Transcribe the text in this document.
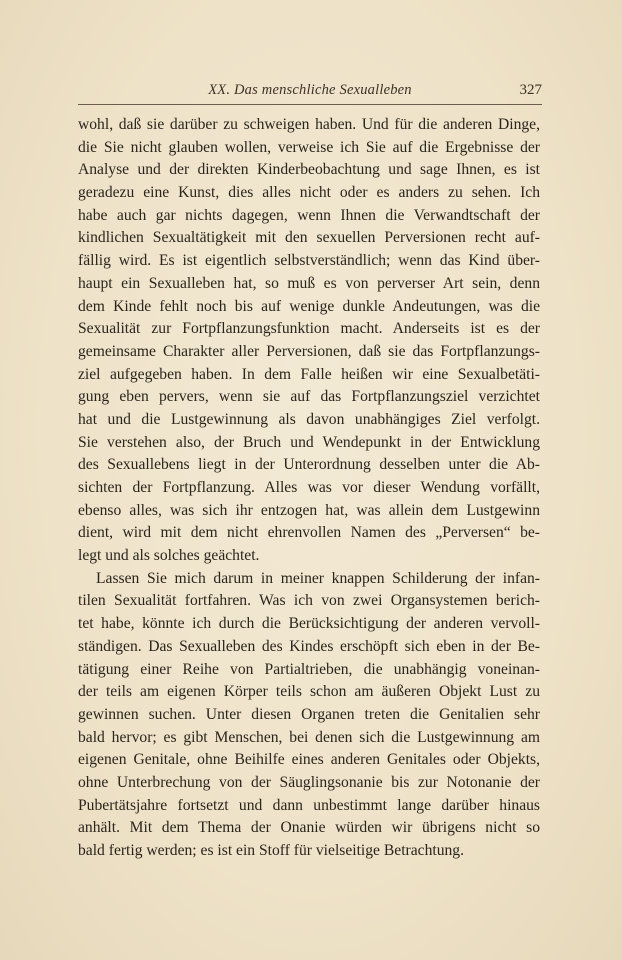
XX. Das menschliche Sexualleben	327
wohl, daß sie darüber zu schweigen haben. Und für die anderen Dinge,
die Sie nicht glauben wollen, verweise ich Sie auf die Ergebnisse der
Analyse und der direkten Kinderbeobachtung und sage Ihnen, es ist
geradezu eine Kunst, dies alles nicht oder es anders zu sehen. Ich
habe auch gar nichts dagegen, wenn Ihnen die Verwandtschaft der
kindlichen Sexualtätigkeit mit den sexuellen Perversionen recht auf-
fällig wird. Es ist eigentlich selbstverständlich; wenn das Kind über-
haupt ein Sexualleben hat, so muß es von perverser Art sein, denn
dem Kinde fehlt noch bis auf wenige dunkle Andeutungen, was die
Sexualität zur Fortpflanzungsfunktion macht. Anderseits ist es der
gemeinsame Charakter aller Perversionen, daß sie das Fortpflanzungs-
ziel aufgegeben haben. In dem Falle heißen wir eine Sexualbetäti-
gung eben pervers, wenn sie auf das Fortpflanzungsziel verzichtet
hat und die Lustgewinnung als davon unabhängiges Ziel verfolgt.
Sie verstehen also, der Bruch und Wendepunkt in der Entwicklung
des Sexuallebens liegt in der Unterordnung desselben unter die Ab-
sichten der Fortpflanzung. Alles was vor dieser Wendung vorfällt,
ebenso alles, was sich ihr entzogen hat, was allein dem Lustgewinn
dient, wird mit dem nicht ehrenvollen Namen des „Perversen“ be-
legt und als solches geächtet.
Lassen Sie mich darum in meiner knappen Schilderung der infan-
tilen Sexualität fortfahren. Was ich von zwei Organsystemen berich-
tet habe, könnte ich durch die Berücksichtigung der anderen vervoll-
ständigen. Das Sexualleben des Kindes erschöpft sich eben in der Be-
tätigung einer Reihe von Partialtrieben, die unabhängig voneinan-
der teils am eigenen Körper teils schon am äußeren Objekt Lust zu
gewinnen suchen. Unter diesen Organen treten die Genitalien sehr
bald hervor; es gibt Menschen, bei denen sich die Lustgewinnung am
eigenen Genitale, ohne Beihilfe eines anderen Genitales oder Objekts,
ohne Unterbrechung von der Säuglingsonanie bis zur Notonanie der
Pubertätsjahre fortsetzt und dann unbestimmt lange darüber hinaus
anhält. Mit dem Thema der Onanie würden wir übrigens nicht so
bald fertig werden; es ist ein Stoff für vielseitige Betrachtung.
